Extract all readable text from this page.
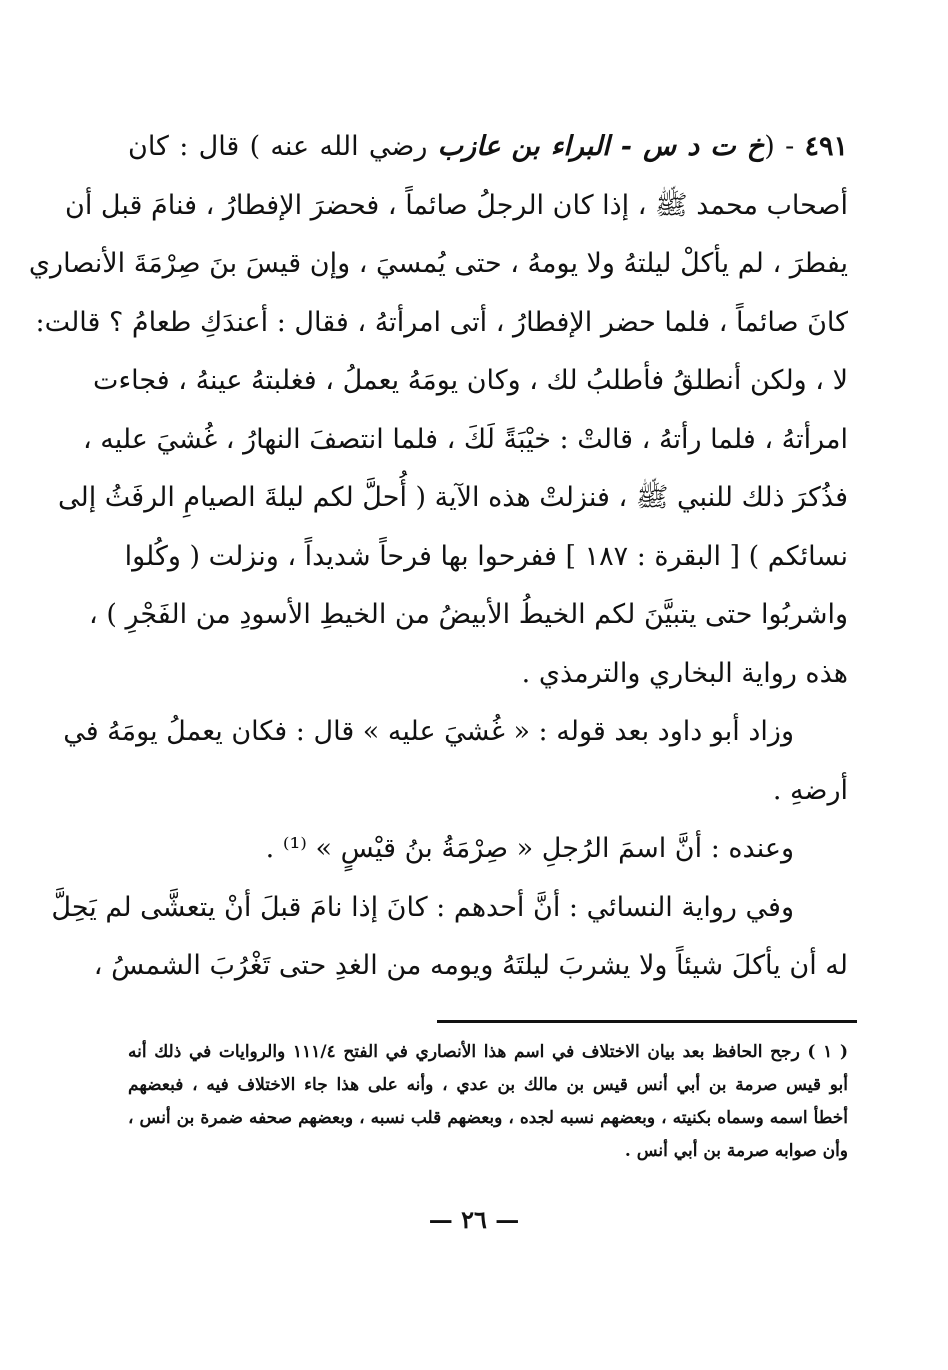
٤٩١ - (خ ت د س - البراء بن عازب رضي الله عنه ) قال : كان
أصحاب محمد ﷺ ، إذا كان الرجلُ صائماً ، فحضرَ الإفطارُ ، فنامَ قبل أن
يفطرَ ، لم يأكلْ ليلتهُ ولا يومهُ ، حتى يُمسيَ ، وإن قيسَ بنَ صِرْمَةَ الأنصاري
كانَ صائماً ، فلما حضر الإفطارُ ، أتى امرأتهُ ، فقال : أعندَكِ طعامُ ؟ قالت:
لا ، ولكن أنطلقُ فأطلبُ لك ، وكان يومَهُ يعملُ ، فغلبتهُ عينهُ ، فجاءت
امرأتهُ ، فلما رأتهُ ، قالتْ : خيْبَةً لَكَ ، فلما انتصفَ النهارُ ، غُشيَ عليه ،
فذُكرَ ذلك للنبي ﷺ ، فنزلتْ هذه الآية ( أُحلَّ لكم ليلةَ الصيامِ الرفَثُ إلى
نسائكم ) [ البقرة : ١٨٧ ] ففرحوا بها فرحاً شديداً ، ونزلت ( وكُلوا
واشربُوا حتى يتبيَّنَ لكم الخيطُ الأبيضُ من الخيطِ الأسودِ من الفَجْرِ ) ،
هذه رواية البخاري والترمذي .
وزاد أبو داود بعد قوله : « غُشيَ عليه » قال : فكان يعملُ يومَهُ في
أرضهِ .
وعنده : أنَّ اسمَ الرُجلِ « صِرْمَةُ بنُ قيْسٍ » ⁽¹⁾ .
وفي رواية النسائي : أنَّ أحدهم : كانَ إذا نامَ قبلَ أنْ يتعشَّى لم يَحِلَّ
له أن يأكلَ شيئاً ولا يشربَ ليلتَهُ ويومه من الغدِ حتى تَغْرُبَ الشمسُ ،
( ١ ) رجح الحافظ بعد بيان الاختلاف في اسم هذا الأنصاري في الفتح ١١١/٤ والروايات في ذلك أنه
أبو قيس صرمة بن أبي أنس قيس بن مالك بن عدي ، وأنه على هذا جاء الاختلاف فيه ، فبعضهم
أخطأ اسمه وسماه بكنيته ، وبعضهم نسبه لجده ، وبعضهم قلب نسبه ، وبعضهم صحفه ضمرة بن أنس ،
وأن صوابه صرمة بن أبي أنس .
— ٢٦ —
